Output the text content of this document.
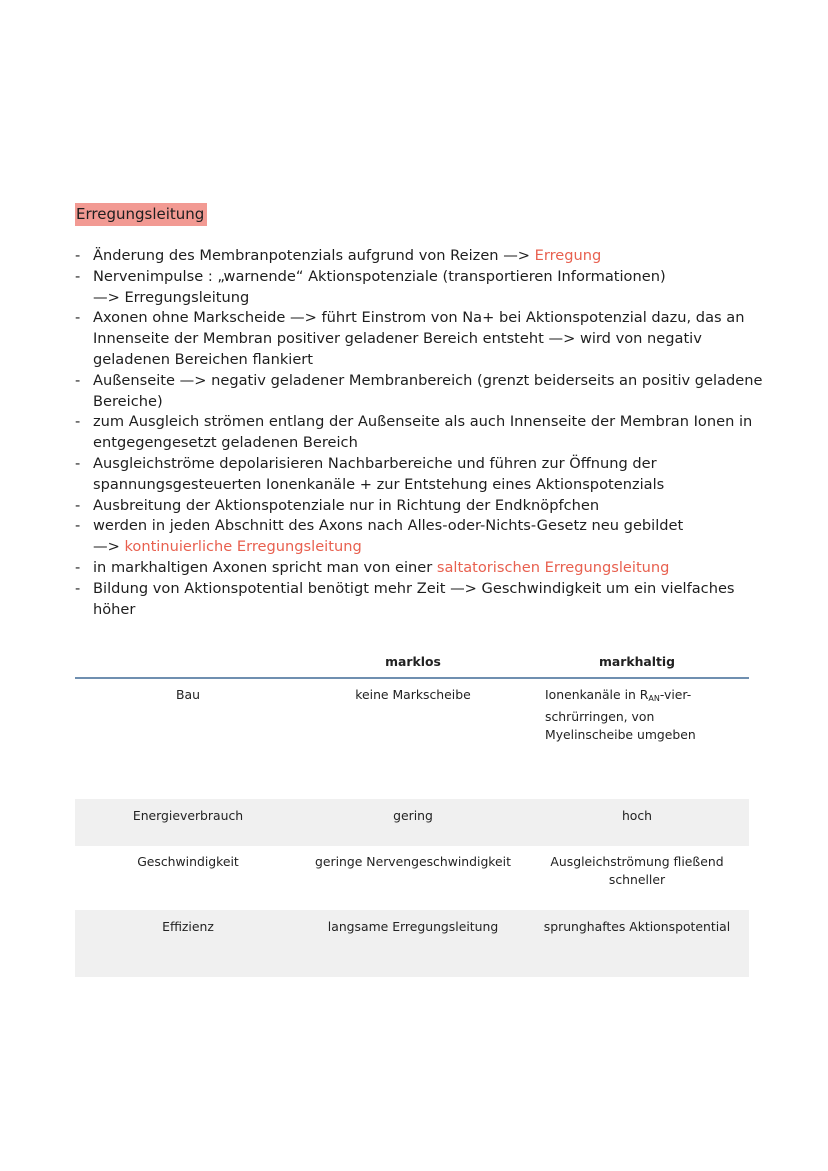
Erregungsleitung
- Änderung des Membranpotenzials aufgrund von Reizen —> Erregung
- Nervenimpulse : „warnende“ Aktionspotenziale (transportieren Informationen)
—> Erregungsleitung
- Axonen ohne Markscheide —> führt Einstrom von Na+ bei Aktionspotenzial dazu, das an Innenseite der Membran positiver geladener Bereich entsteht —> wird von negativ geladenen Bereichen flankiert
- Außenseite —> negativ geladener Membranbereich (grenzt beiderseits an positiv geladene Bereiche)
- zum Ausgleich strömen entlang der Außenseite als auch Innenseite der Membran Ionen in entgegengesetzt geladenen Bereich
- Ausgleichströme depolarisieren Nachbarbereiche und führen zur Öffnung der spannungsgesteuerten Ionenkanäle + zur Entstehung eines Aktionspotenzials
- Ausbreitung der Aktionspotenziale nur in Richtung der Endknöpfchen
- werden in jeden Abschnitt des Axons nach Alles-oder-Nichts-Gesetz neu gebildet
—> kontinuierliche Erregungsleitung
- in markhaltigen Axonen spricht man von einer saltatorischen Erregungsleitung
- Bildung von Aktionspotential benötigt mehr Zeit —> Geschwindigkeit um ein vielfaches höher
	marklos	markhaltig
Bau	keine Markscheibe	Ionenkanäle in $R_{AN}-vier$-schrürringen, von Myelinscheibe umgeben
Energieverbrauch	gering	hoch
Geschwindigkeit	geringe Nervengeschwindigkeit	Ausgleichströmung fließend schneller
Effizienz	langsame Erregungsleitung	sprunghaftes Aktionspotential
